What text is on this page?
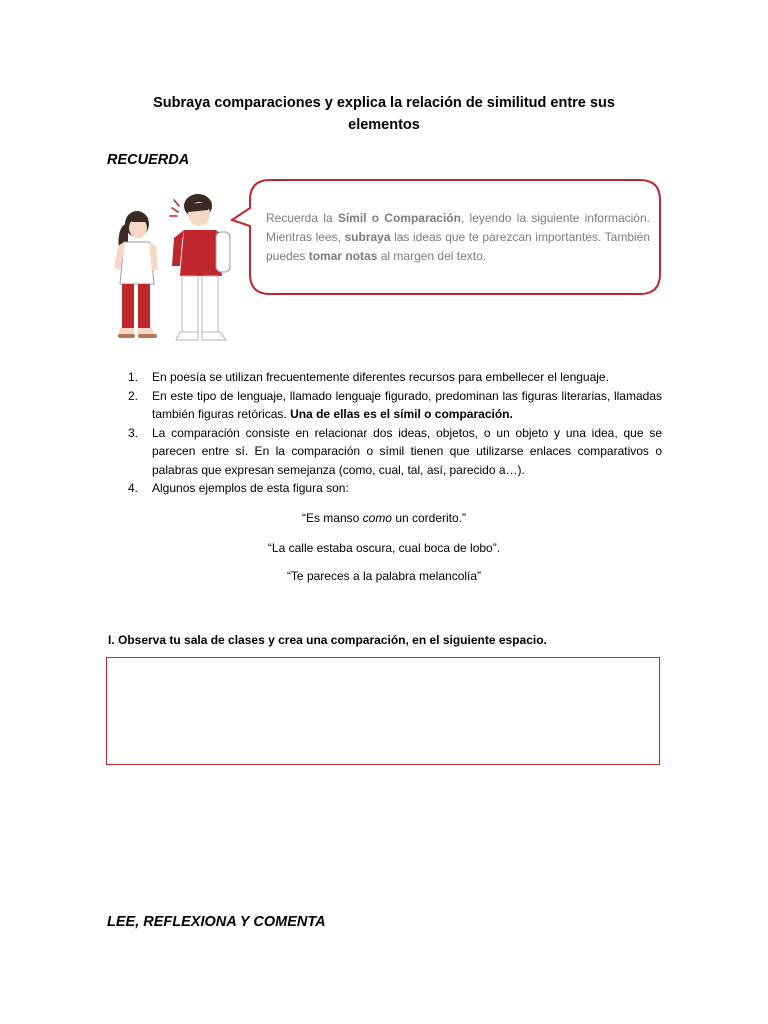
Subraya comparaciones y explica la relación de similitud entre sus elementos
RECUERDA
Recuerda la Símil o Comparación, leyendo la siguiente información. Mientras lees, subraya las ideas que te parezcan importantes. También puedes tomar notas al margen del texto.
1. En poesía se utilizan frecuentemente diferentes recursos para embellecer el lenguaje.
2. En este tipo de lenguaje, llamado lenguaje figurado, predominan las figuras literarias, llamadas también figuras retóricas. Una de ellas es el símil o comparación.
3. La comparación consiste en relacionar dos ideas, objetos, o un objeto y una idea, que se parecen entre sí. En la comparación o símil tienen que utilizarse enlaces comparativos o palabras que expresan semejanza (como, cual, tal, así, parecido a…).
4. Algunos ejemplos de esta figura son:
“Es manso como un corderito.”
“La calle estaba oscura, cual boca de lobo”.
“Te pareces a la palabra melancolía”
I. Observa tu sala de clases y crea una comparación, en el siguiente espacio.
LEE, REFLEXIONA Y COMENTA
